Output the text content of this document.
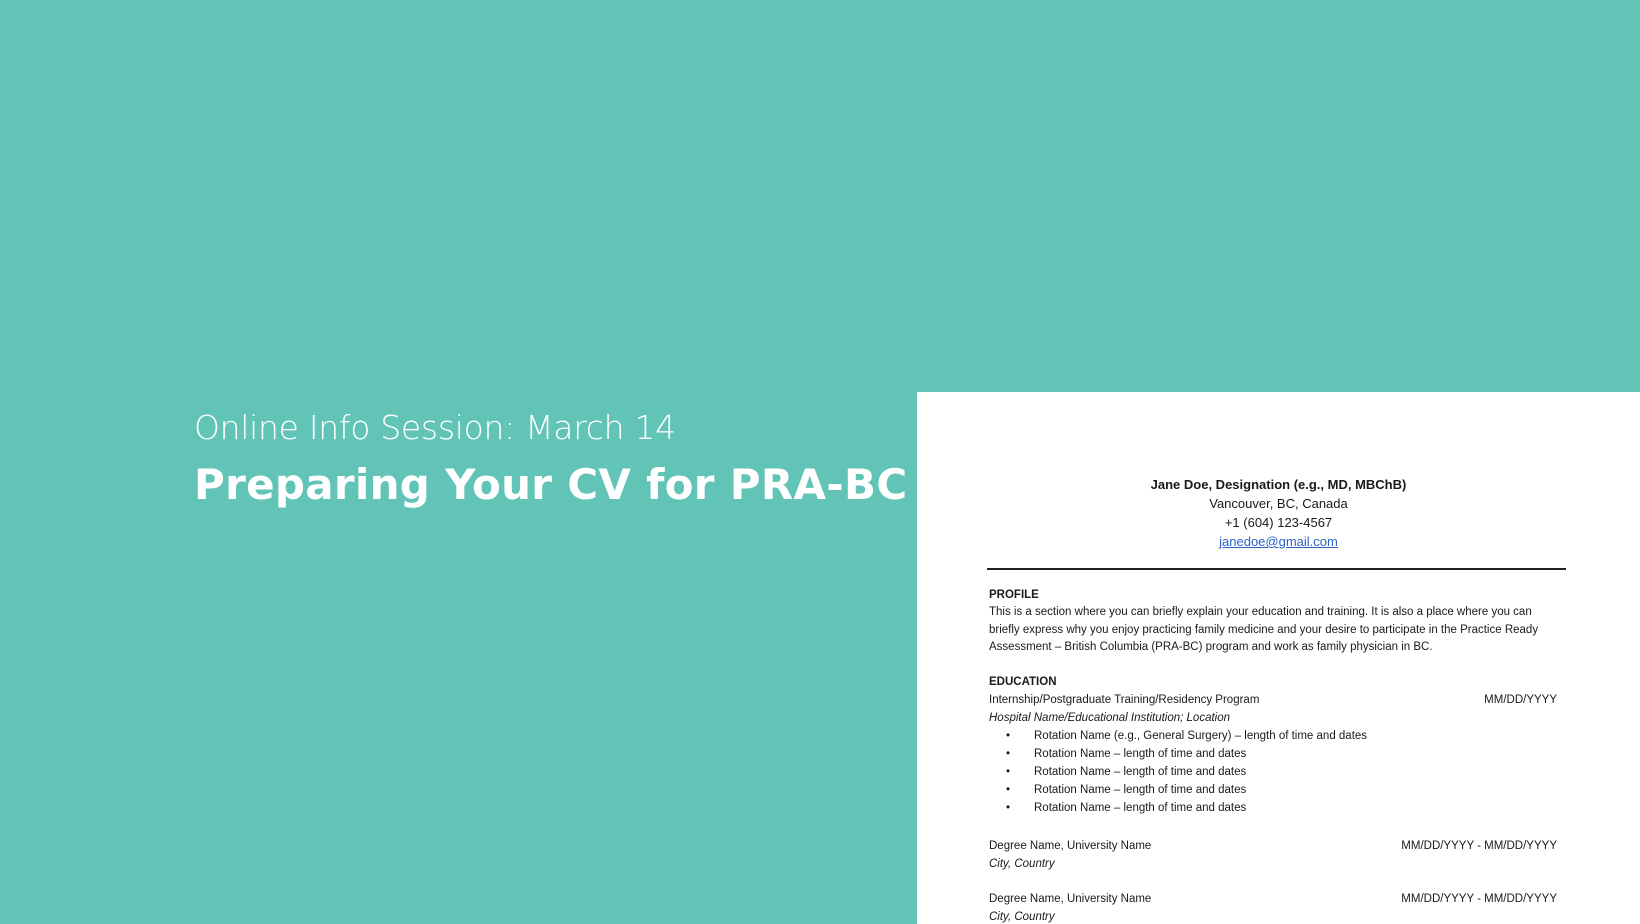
Online Info Session: March 14
Preparing Your CV for PRA-BC	Jane Doe, Designation (e.g., MD, MBChB)
Vancouver, BC, Canada
+1 (604) 123-4567
janedoe@gmail.com
PROFILE
This is a section where you can briefly explain your education and training. It is also a place where you can briefly express why you enjoy practicing family medicine and your desire to participate in the Practice Ready Assessment – British Columbia (PRA-BC) program and work as family physician in BC.
EDUCATION
Internship/Postgraduate Training/Residency Program	MM/DD/YYYY
Hospital Name/Educational Institution; Location
• Rotation Name (e.g., General Surgery) – length of time and dates
• Rotation Name – length of time and dates
• Rotation Name – length of time and dates
• Rotation Name – length of time and dates
• Rotation Name – length of time and dates
Degree Name, University Name	MM/DD/YYYY - MM/DD/YYYY
City, Country
Degree Name, University Name	MM/DD/YYYY - MM/DD/YYYY
City, Country
